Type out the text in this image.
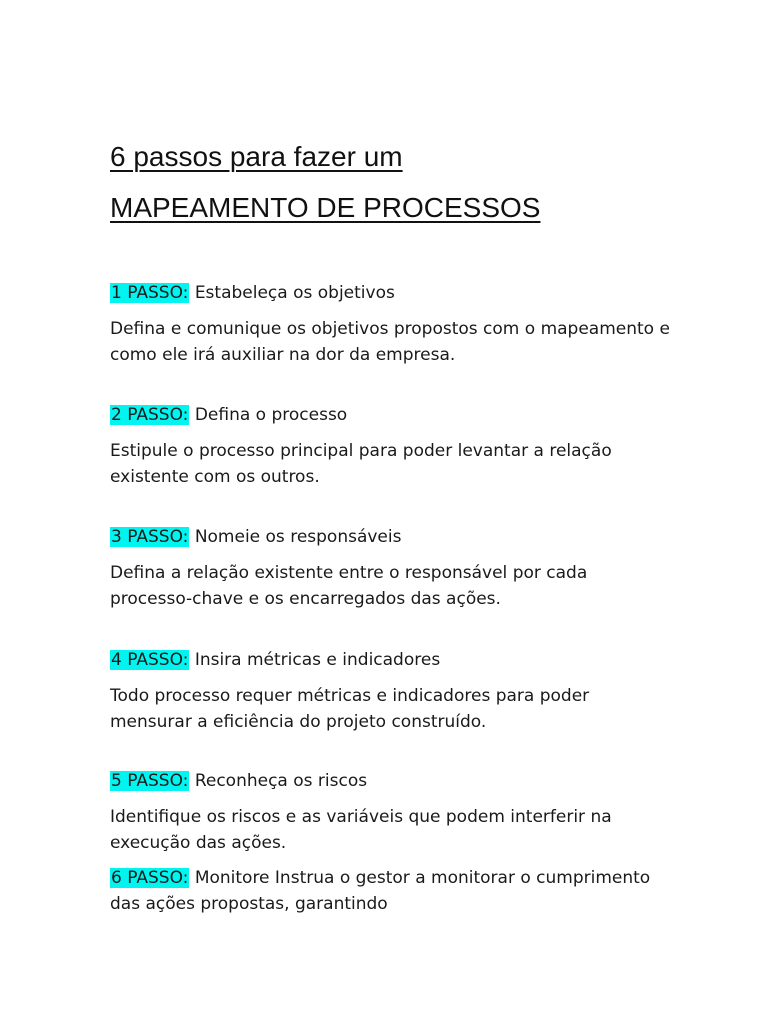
6 passos para fazer um
MAPEAMENTO DE PROCESSOS
1 PASSO: Estabeleça os objetivos
Defina e comunique os objetivos propostos com o mapeamento e como ele irá auxiliar na dor da empresa.
2 PASSO: Defina o processo
Estipule o processo principal para poder levantar a relação existente com os outros.
3 PASSO: Nomeie os responsáveis
Defina a relação existente entre o responsável por cada processo-chave e os encarregados das ações.
4 PASSO: Insira métricas e indicadores
Todo processo requer métricas e indicadores para poder mensurar a eficiência do projeto construído.
5 PASSO: Reconheça os riscos
Identifique os riscos e as variáveis que podem interferir na execução das ações.
6 PASSO: Monitore Instrua o gestor a monitorar o cumprimento das ações propostas, garantindo
